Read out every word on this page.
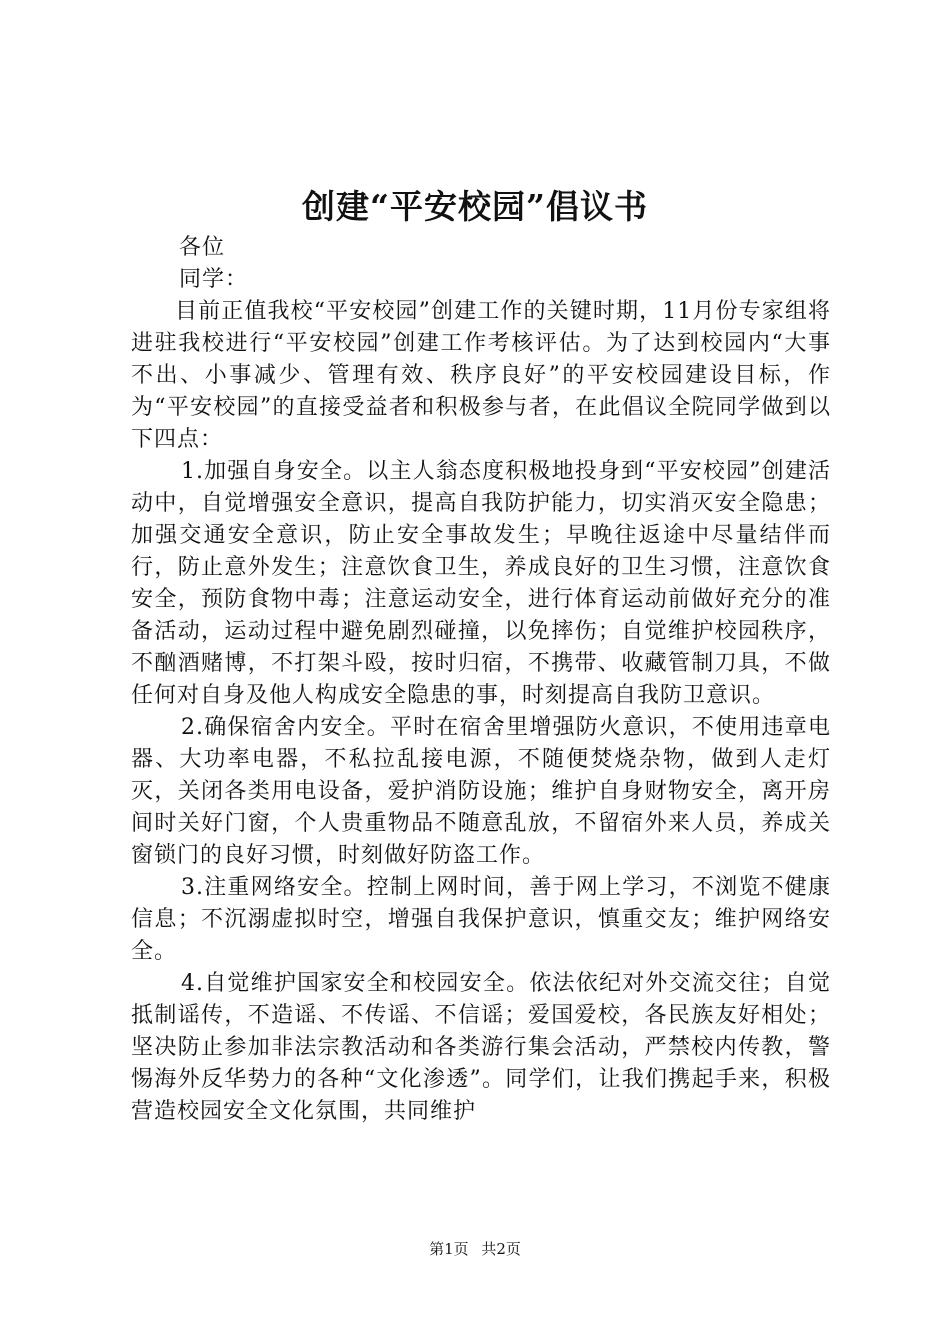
创建“平安校园”倡议书

各位

同学：

目前正值我校“平安校园”创建工作的关键时期，11月份专家组将进驻我校进行“平安校园”创建工作考核评估。为了达到校园内“大事不出、小事减少、管理有效、秩序良好”的平安校园建设目标，作为“平安校园”的直接受益者和积极参与者，在此倡议全院同学做到以下四点：

1.加强自身安全。以主人翁态度积极地投身到“平安校园”创建活动中，自觉增强安全意识，提高自我防护能力，切实消灭安全隐患；加强交通安全意识，防止安全事故发生；早晚往返途中尽量结伴而行，防止意外发生；注意饮食卫生，养成良好的卫生习惯，注意饮食安全，预防食物中毒；注意运动安全，进行体育运动前做好充分的准备活动，运动过程中避免剧烈碰撞，以免摔伤；自觉维护校园秩序，不酗酒赌博，不打架斗殴，按时归宿，不携带、收藏管制刀具，不做任何对自身及他人构成安全隐患的事，时刻提高自我防卫意识。

2.确保宿舍内安全。平时在宿舍里增强防火意识，不使用违章电器、大功率电器，不私拉乱接电源，不随便焚烧杂物，做到人走灯灭，关闭各类用电设备，爱护消防设施；维护自身财物安全，离开房间时关好门窗，个人贵重物品不随意乱放，不留宿外来人员，养成关窗锁门的良好习惯，时刻做好防盗工作。

3.注重网络安全。控制上网时间，善于网上学习，不浏览不健康信息；不沉溺虚拟时空，增强自我保护意识，慎重交友；维护网络安全。

4.自觉维护国家安全和校园安全。依法依纪对外交流交往；自觉抵制谣传，不造谣、不传谣、不信谣；爱国爱校，各民族友好相处；坚决防止参加非法宗教活动和各类游行集会活动，严禁校内传教，警惕海外反华势力的各种“文化渗透”。同学们，让我们携起手来，积极营造校园安全文化氛围，共同维护

第1页 共2页
